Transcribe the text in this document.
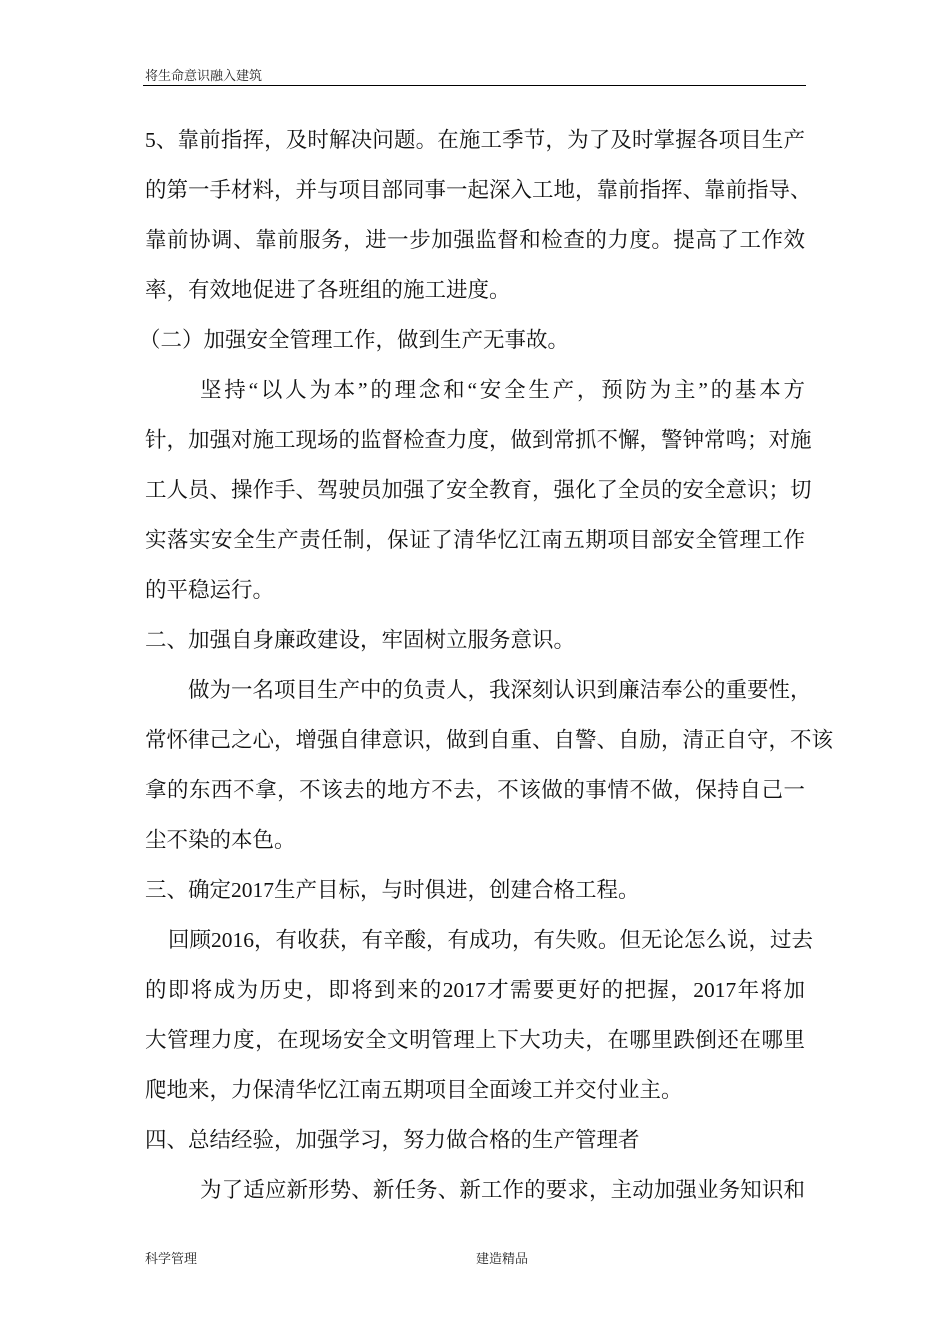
将生命意识融入建筑
5、靠前指挥，及时解决问题。在施工季节，为了及时掌握各项目生产
的第一手材料，并与项目部同事一起深入工地，靠前指挥、靠前指导、
靠前协调、靠前服务，进一步加强监督和检查的力度。提高了工作效
率，有效地促进了各班组的施工进度。
（二）加强安全管理工作，做到生产无事故。
坚持“以人为本”的理念和“安全生产，预防为主”的基本方
针，加强对施工现场的监督检查力度，做到常抓不懈，警钟常鸣；对施
工人员、操作手、驾驶员加强了安全教育，强化了全员的安全意识；切
实落实安全生产责任制，保证了清华忆江南五期项目部安全管理工作
的平稳运行。
二、加强自身廉政建设，牢固树立服务意识。
做为一名项目生产中的负责人，我深刻认识到廉洁奉公的重要性，
常怀律己之心，增强自律意识，做到自重、自警、自励，清正自守，不该
拿的东西不拿，不该去的地方不去，不该做的事情不做，保持自己一
尘不染的本色。
三、确定2017生产目标，与时俱进，创建合格工程。
回顾2016，有收获，有辛酸，有成功，有失败。但无论怎么说，过去
的即将成为历史，即将到来的2017才需要更好的把握，2017年将加
大管理力度，在现场安全文明管理上下大功夫，在哪里跌倒还在哪里
爬地来，力保清华忆江南五期项目全面竣工并交付业主。
四、总结经验，加强学习，努力做合格的生产管理者
为了适应新形势、新任务、新工作的要求，主动加强业务知识和
科学管理	建造精品
